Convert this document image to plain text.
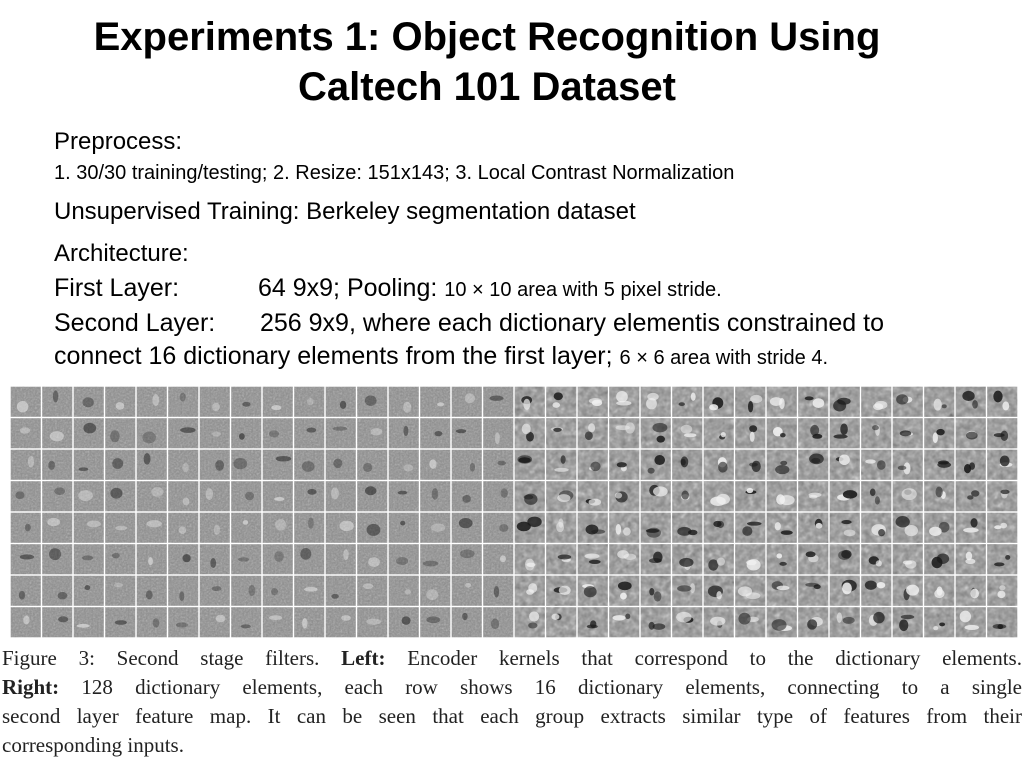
Experiments 1: Object Recognition Using
Caltech 101 Dataset
Preprocess:
1. 30/30 training/testing; 2. Resize: 151x143; 3. Local Contrast Normalization
Unsupervised Training: Berkeley segmentation dataset
Architecture:
First Layer:	64 9x9; Pooling: 10 × 10 area with 5 pixel stride.
Second Layer: 256 9x9, where each dictionary elementis constrained to
connect 16 dictionary elements from the first layer; 6 × 6 area with stride 4.
Figure 3: Second stage filters. Left: Encoder kernels that correspond to the dictionary elements.
Right: 128 dictionary elements, each row shows 16 dictionary elements, connecting to a single
second layer feature map. It can be seen that each group extracts similar type of features from their
corresponding inputs.
